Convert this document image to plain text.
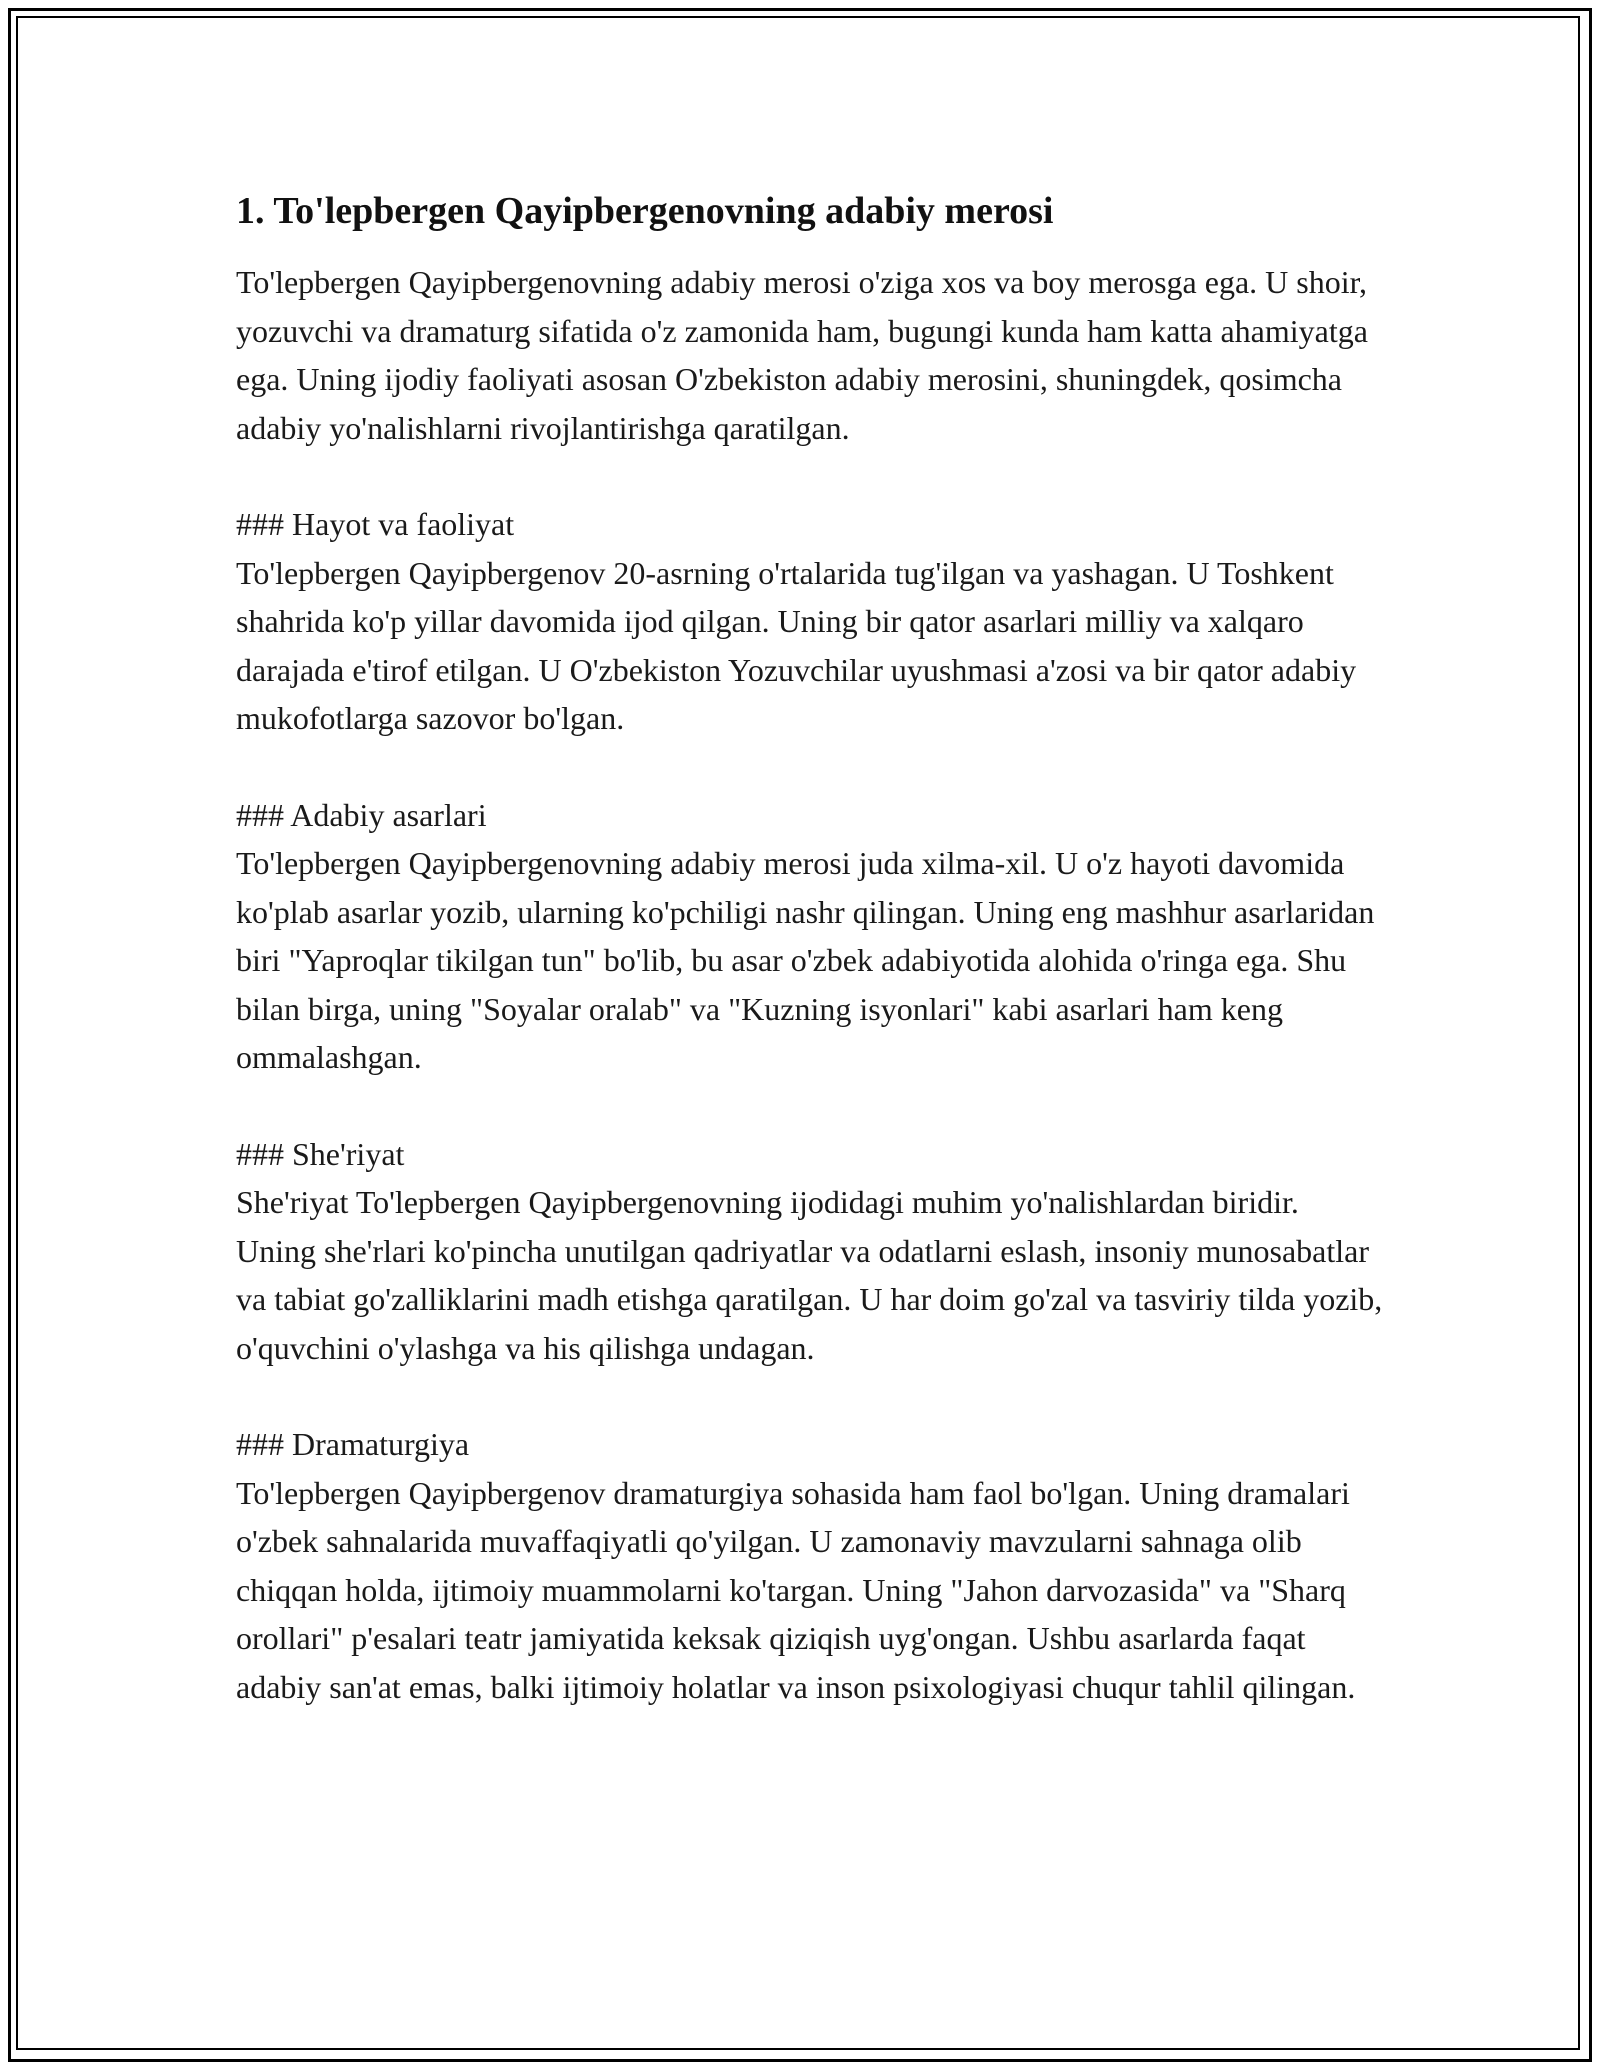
1. To'lepbergen Qayipbergenovning adabiy merosi

To'lepbergen Qayipbergenovning adabiy merosi o'ziga xos va boy merosga ega. U shoir, yozuvchi va dramaturg sifatida o'z zamonida ham, bugungi kunda ham katta ahamiyatga ega. Uning ijodiy faoliyati asosan O'zbekiston adabiy merosini, shuningdek, qosimcha adabiy yo'nalishlarni rivojlantirishga qaratilgan.

### Hayot va faoliyat

To'lepbergen Qayipbergenov 20-asrning o'rtalarida tug'ilgan va yashagan. U Toshkent shahrida ko'p yillar davomida ijod qilgan. Uning bir qator asarlari milliy va xalqaro darajada e'tirof etilgan. U O'zbekiston Yozuvchilar uyushmasi a'zosi va bir qator adabiy mukofotlarga sazovor bo'lgan.

### Adabiy asarlari

To'lepbergen Qayipbergenovning adabiy merosi juda xilma-xil. U o'z hayoti davomida ko'plab asarlar yozib, ularning ko'pchiligi nashr qilingan. Uning eng mashhur asarlaridan biri "Yaproqlar tikilgan tun" bo'lib, bu asar o'zbek adabiyotida alohida o'ringa ega. Shu bilan birga, uning "Soyalar oralab" va "Kuzning isyonlari" kabi asarlari ham keng ommalashgan.

### She'riyat

She'riyat To'lepbergen Qayipbergenovning ijodidagi muhim yo'nalishlardan biridir. Uning she'rlari ko'pincha unutilgan qadriyatlar va odatlarni eslash, insoniy munosabatlar va tabiat go'zalliklarini madh etishga qaratilgan. U har doim go'zal va tasviriy tilda yozib, o'quvchini o'ylashga va his qilishga undagan.

### Dramaturgiya

To'lepbergen Qayipbergenov dramaturgiya sohasida ham faol bo'lgan. Uning dramalari o'zbek sahnalarida muvaffaqiyatli qo'yilgan. U zamonaviy mavzularni sahnaga olib chiqqan holda, ijtimoiy muammolarni ko'targan. Uning "Jahon darvozasida" va "Sharq orollari" p'esalari teatr jamiyatida keksak qiziqish uyg'ongan. Ushbu asarlarda faqat adabiy san'at emas, balki ijtimoiy holatlar va inson psixologiyasi chuqur tahlil qilingan.
